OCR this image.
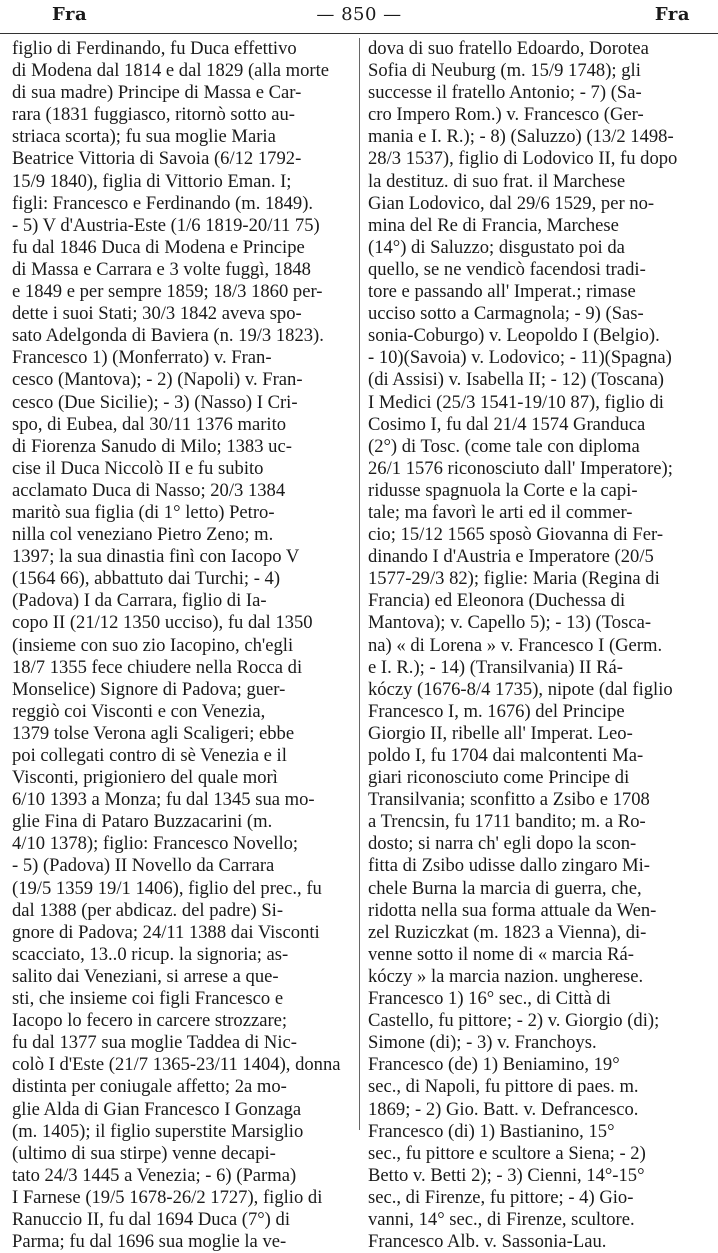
Fra	— 850 —	Fra
figlio di Ferdinando, fu Duca effettivo
di Modena dal 1814 e dal 1829 (alla morte
di sua madre) Principe di Massa e Car-
rara (1831 fuggiasco, ritornò sotto au-
striaca scorta); fu sua moglie Maria
Beatrice Vittoria di Savoia (6/12 1792-
15/9 1840), figlia di Vittorio Eman. I;
figli: Francesco e Ferdinando (m. 1849).
- 5) V d'Austria-Este (1/6 1819-20/11 75)
fu dal 1846 Duca di Modena e Principe
di Massa e Carrara e 3 volte fuggì, 1848
e 1849 e per sempre 1859; 18/3 1860 per-
dette i suoi Stati; 30/3 1842 aveva spo-
sato Adelgonda di Baviera (n. 19/3 1823).
Francesco 1) (Monferrato) v. Fran-
cesco (Mantova); - 2) (Napoli) v. Fran-
cesco (Due Sicilie); - 3) (Nasso) I Cri-
spo, di Eubea, dal 30/11 1376 marito
di Fiorenza Sanudo di Milo; 1383 uc-
cise il Duca Niccolò II e fu subito
acclamato Duca di Nasso; 20/3 1384
maritò sua figlia (di 1° letto) Petro-
nilla col veneziano Pietro Zeno; m.
1397; la sua dinastia finì con Iacopo V
(1564 66), abbattuto dai Turchi; - 4)
(Padova) I da Carrara, figlio di Ia-
copo II (21/12 1350 ucciso), fu dal 1350
(insieme con suo zio Iacopino, ch'egli
18/7 1355 fece chiudere nella Rocca di
Monselice) Signore di Padova; guer-
reggiò coi Visconti e con Venezia,
1379 tolse Verona agli Scaligeri; ebbe
poi collegati contro di sè Venezia e il
Visconti, prigioniero del quale morì
6/10 1393 a Monza; fu dal 1345 sua mo-
glie Fina di Pataro Buzzacarini (m.
4/10 1378); figlio: Francesco Novello;
- 5) (Padova) II Novello da Carrara
(19/5 1359 19/1 1406), figlio del prec., fu
dal 1388 (per abdicaz. del padre) Si-
gnore di Padova; 24/11 1388 dai Visconti
scacciato, 13..0 ricup. la signoria; as-
salito dai Veneziani, si arrese a que-
sti, che insieme coi figli Francesco e
Iacopo lo fecero in carcere strozzare;
fu dal 1377 sua moglie Taddea di Nic-
colò I d'Este (21/7 1365-23/11 1404), donna
distinta per coniugale affetto; 2a mo-
glie Alda di Gian Francesco I Gonzaga
(m. 1405); il figlio superstite Marsiglio
(ultimo di sua stirpe) venne decapi-
tato 24/3 1445 a Venezia; - 6) (Parma)
I Farnese (19/5 1678-26/2 1727), figlio di
Ranuccio II, fu dal 1694 Duca (7°) di
Parma; fu dal 1696 sua moglie la ve-
dova di suo fratello Edoardo, Dorotea
Sofia di Neuburg (m. 15/9 1748); gli
successe il fratello Antonio; - 7) (Sa-
cro Impero Rom.) v. Francesco (Ger-
mania e I. R.); - 8) (Saluzzo) (13/2 1498-
28/3 1537), figlio di Lodovico II, fu dopo
la destituz. di suo frat. il Marchese
Gian Lodovico, dal 29/6 1529, per no-
mina del Re di Francia, Marchese
(14°) di Saluzzo; disgustato poi da
quello, se ne vendicò facendosi tradi-
tore e passando all' Imperat.; rimase
ucciso sotto a Carmagnola; - 9) (Sas-
sonia-Coburgo) v. Leopoldo I (Belgio).
- 10)(Savoia) v. Lodovico; - 11)(Spagna)
(di Assisi) v. Isabella II; - 12) (Toscana)
I Medici (25/3 1541-19/10 87), figlio di
Cosimo I, fu dal 21/4 1574 Granduca
(2°) di Tosc. (come tale con diploma
26/1 1576 riconosciuto dall' Imperatore);
ridusse spagnuola la Corte e la capi-
tale; ma favorì le arti ed il commer-
cio; 15/12 1565 sposò Giovanna di Fer-
dinando I d'Austria e Imperatore (20/5
1577-29/3 82); figlie: Maria (Regina di
Francia) ed Eleonora (Duchessa di
Mantova); v. Capello 5); - 13) (Tosca-
na) « di Lorena » v. Francesco I (Germ.
e I. R.); - 14) (Transilvania) II Rá-
kóczy (1676-8/4 1735), nipote (dal figlio
Francesco I, m. 1676) del Principe
Giorgio II, ribelle all' Imperat. Leo-
poldo I, fu 1704 dai malcontenti Ma-
giari riconosciuto come Principe di
Transilvania; sconfitto a Zsibo e 1708
a Trencsin, fu 1711 bandito; m. a Ro-
dosto; si narra ch' egli dopo la scon-
fitta di Zsibo udisse dallo zingaro Mi-
chele Burna la marcia di guerra, che,
ridotta nella sua forma attuale da Wen-
zel Ruziczkat (m. 1823 a Vienna), di-
venne sotto il nome di « marcia Rá-
kóczy » la marcia nazion. ungherese.
Francesco 1) 16° sec., di Città di
Castello, fu pittore; - 2) v. Giorgio (di);
Simone (di); - 3) v. Franchoys.
Francesco (de) 1) Beniamino, 19°
sec., di Napoli, fu pittore di paes. m.
1869; - 2) Gio. Batt. v. Defrancesco.
Francesco (di) 1) Bastianino, 15°
sec., fu pittore e scultore a Siena; - 2)
Betto v. Betti 2); - 3) Cienni, 14°-15°
sec., di Firenze, fu pittore; - 4) Gio-
vanni, 14° sec., di Firenze, scultore.
Francesco Alb. v. Sassonia-Lau.
